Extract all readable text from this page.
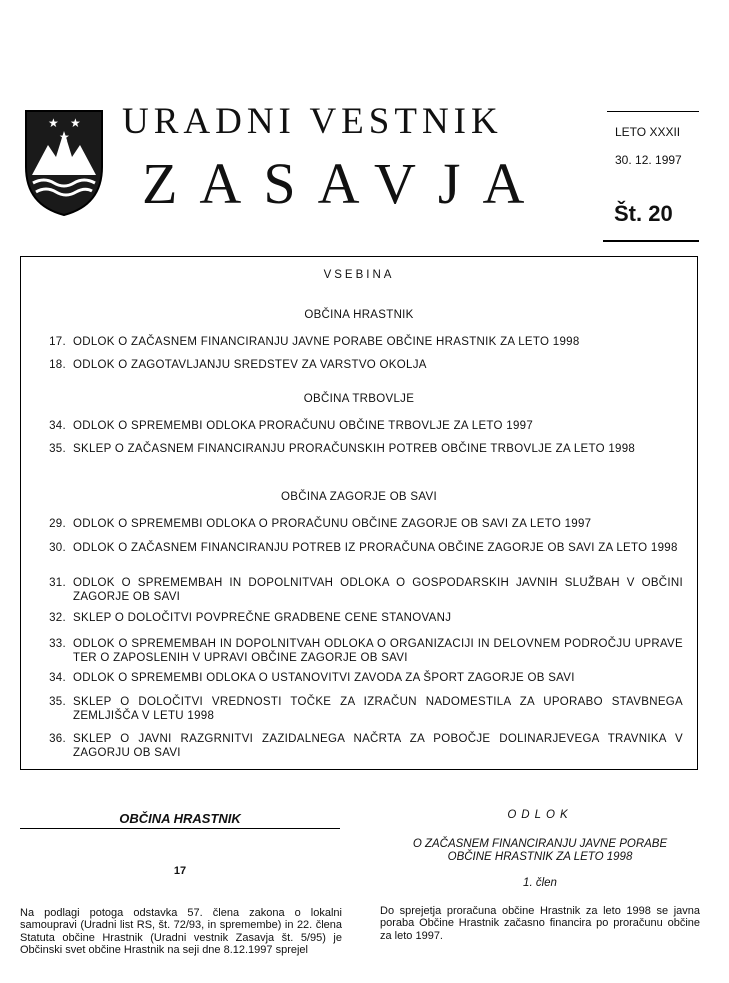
★ ★
★ URADNI VESTNIK
ZASAVJA
LETO XXXII
30. 12. 1997
Št. 20
VSEBINA
OBČINA HRASTNIK
17. ODLOK O ZAČASNEM FINANCIRANJU JAVNE PORABE OBČINE HRASTNIK ZA LETO 1998
18. ODLOK O ZAGOTAVLJANJU SREDSTEV ZA VARSTVO OKOLJA
OBČINA TRBOVLJE
34. ODLOK O SPREMEMBI ODLOKA PRORAČUNU OBČINE TRBOVLJE ZA LETO 1997
35. SKLEP O ZAČASNEM FINANCIRANJU PRORAČUNSKIH POTREB OBČINE TRBOVLJE ZA LETO 1998
OBČINA ZAGORJE OB SAVI
29. ODLOK O SPREMEMBI ODLOKA O PRORAČUNU OBČINE ZAGORJE OB SAVI ZA LETO 1997
30. ODLOK O ZAČASNEM FINANCIRANJU POTREB IZ PRORAČUNA OBČINE ZAGORJE OB SAVI ZA LETO 1998
31. ODLOK O SPREMEMBAH IN DOPOLNITVAH ODLOKA O GOSPODARSKIH JAVNIH SLUŽBAH V OBČINI ZAGORJE OB SAVI
32. SKLEP O DOLOČITVI POVPREČNE GRADBENE CENE STANOVANJ
33. ODLOK O SPREMEMBAH IN DOPOLNITVAH ODLOKA O ORGANIZACIJI IN DELOVNEM PODROČJU UPRAVE TER O ZAPOSLENIH V UPRAVI OBČINE ZAGORJE OB SAVI
34. ODLOK O SPREMEMBI ODLOKA O USTANOVITVI ZAVODA ZA ŠPORT ZAGORJE OB SAVI
35. SKLEP O DOLOČITVI VREDNOSTI TOČKE ZA IZRAČUN NADOMESTILA ZA UPORABO STAVBNEGA ZEMLJIŠČA V LETU 1998
36. SKLEP O JAVNI RAZGRNITVI ZAZIDALNEGA NAČRTA ZA POBOČJE DOLINARJEVEGA TRAVNIKA V ZAGORJU OB SAVI
OBČINA HRASTNIK
17
Na podlagi potoga odstavka 57. člena zakona o lokalni samoupravi (Uradni list RS, št. 72/93, in spremembe) in 22. člena Statuta občine Hrastnik (Uradni vestnik Zasavja št. 5/95) je Občinski svet občine Hrastnik na seji dne 8.12.1997 sprejel
ODLOK
O ZAČASNEM FINANCIRANJU JAVNE PORABE
OBČINE HRASTNIK ZA LETO 1998
1. člen
Do sprejetja proračuna občine Hrastnik za leto 1998 se javna poraba Občine Hrastnik začasno financira po proračunu občine za leto 1997.
